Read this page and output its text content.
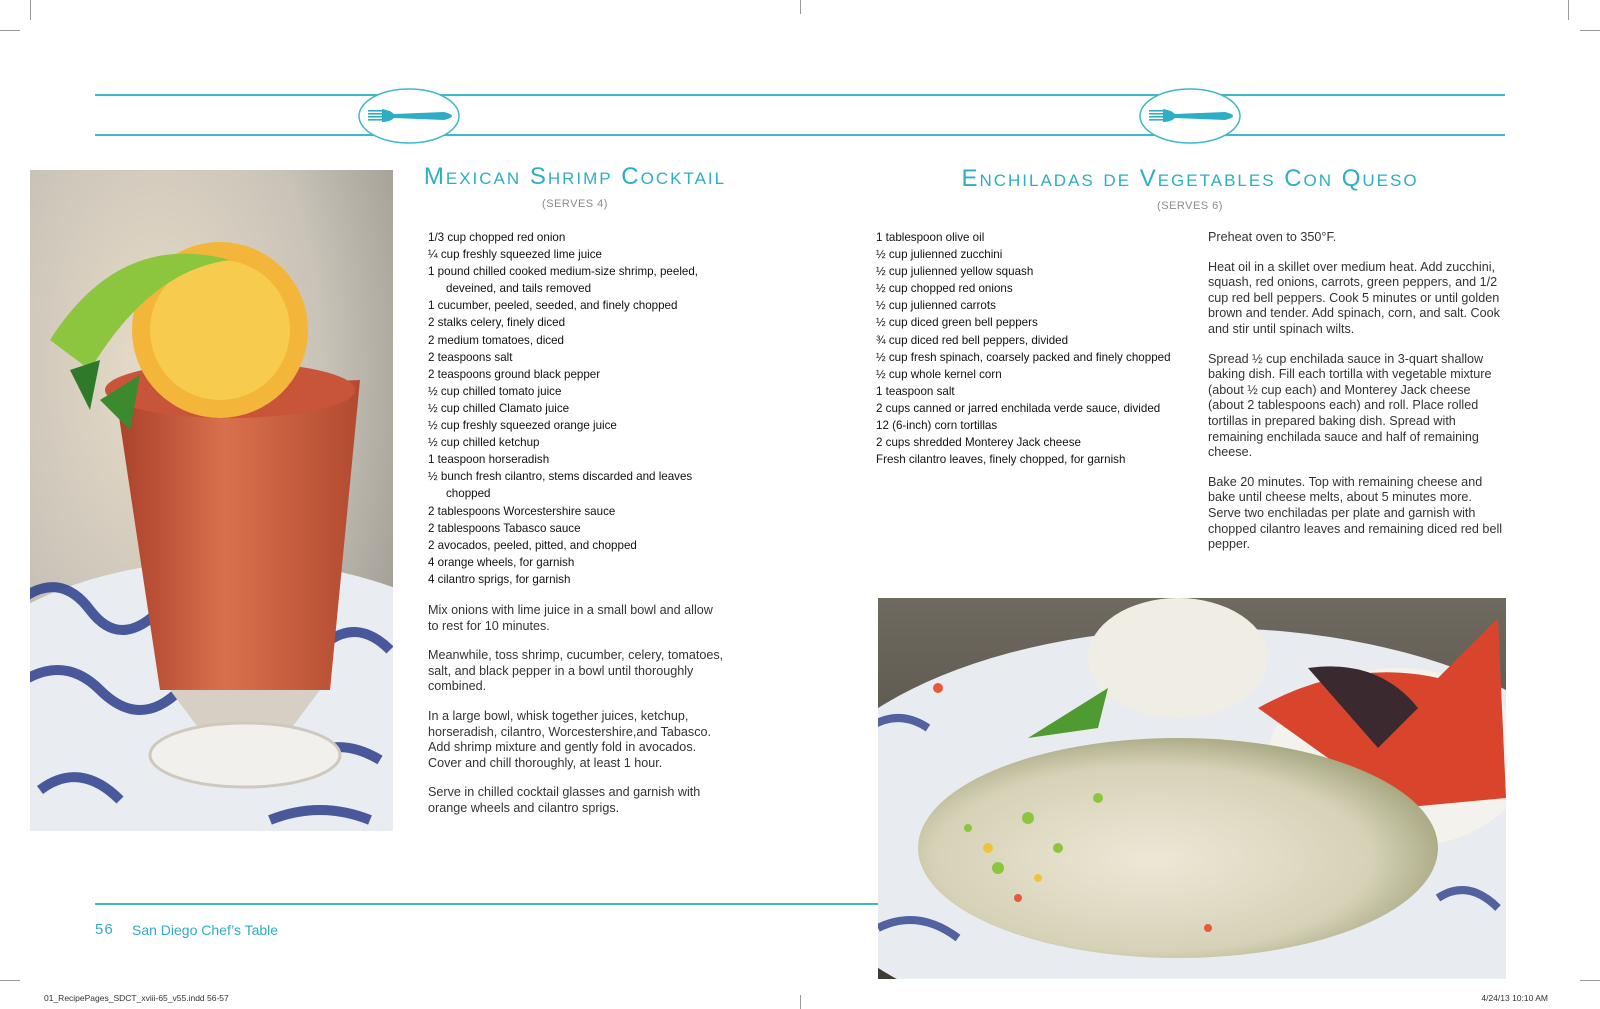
Mexican Shrimp Cocktail
(SERVES 4)
1/3 cup chopped red onion
¼ cup freshly squeezed lime juice
1 pound chilled cooked medium-size shrimp, peeled, deveined, and tails removed
1 cucumber, peeled, seeded, and finely chopped
2 stalks celery, finely diced
2 medium tomatoes, diced
2 teaspoons salt
2 teaspoons ground black pepper
½ cup chilled tomato juice
½ cup chilled Clamato juice
½ cup freshly squeezed orange juice
½ cup chilled ketchup
1 teaspoon horseradish
½ bunch fresh cilantro, stems discarded and leaves chopped
2 tablespoons Worcestershire sauce
2 tablespoons Tabasco sauce
2 avocados, peeled, pitted, and chopped
4 orange wheels, for garnish
4 cilantro sprigs, for garnish

Mix onions with lime juice in a small bowl and allow to rest for 10 minutes.

Meanwhile, toss shrimp, cucumber, celery, tomatoes, salt, and black pepper in a bowl until thoroughly combined.

In a large bowl, whisk together juices, ketchup, horseradish, cilantro, Worcestershire,and Tabasco. Add shrimp mixture and gently fold in avocados. Cover and chill thoroughly, at least 1 hour.

Serve in chilled cocktail glasses and garnish with orange wheels and cilantro sprigs.

56 San Diego Chef’s Table
Enchiladas de Vegetables Con Queso
(SERVES 6)
1 tablespoon olive oil
½ cup julienned zucchini
½ cup julienned yellow squash
½ cup chopped red onions
½ cup julienned carrots
½ cup diced green bell peppers
¾ cup diced red bell peppers, divided
½ cup fresh spinach, coarsely packed and finely chopped
½ cup whole kernel corn
1 teaspoon salt
2 cups canned or jarred enchilada verde sauce, divided
12 (6-inch) corn tortillas
2 cups shredded Monterey Jack cheese
Fresh cilantro leaves, finely chopped, for garnish

Preheat oven to 350°F.

Heat oil in a skillet over medium heat. Add zucchini, squash, red onions, carrots, green peppers, and 1/2 cup red bell peppers. Cook 5 minutes or until golden brown and tender. Add spinach, corn, and salt. Cook and stir until spinach wilts.

Spread ½ cup enchilada sauce in 3-quart shallow baking dish. Fill each tortilla with vegetable mixture (about ½ cup each) and Monterey Jack cheese (about 2 tablespoons each) and roll. Place rolled tortillas in prepared baking dish. Spread with remaining enchilada sauce and half of remaining cheese.

Bake 20 minutes. Top with remaining cheese and bake until cheese melts, about 5 minutes more. Serve two enchiladas per plate and garnish with chopped cilantro leaves and remaining diced red bell pepper.

01_RecipePages_SDCT_xviii-65_v55.indd 56-57	4/24/13 10:10 AM
